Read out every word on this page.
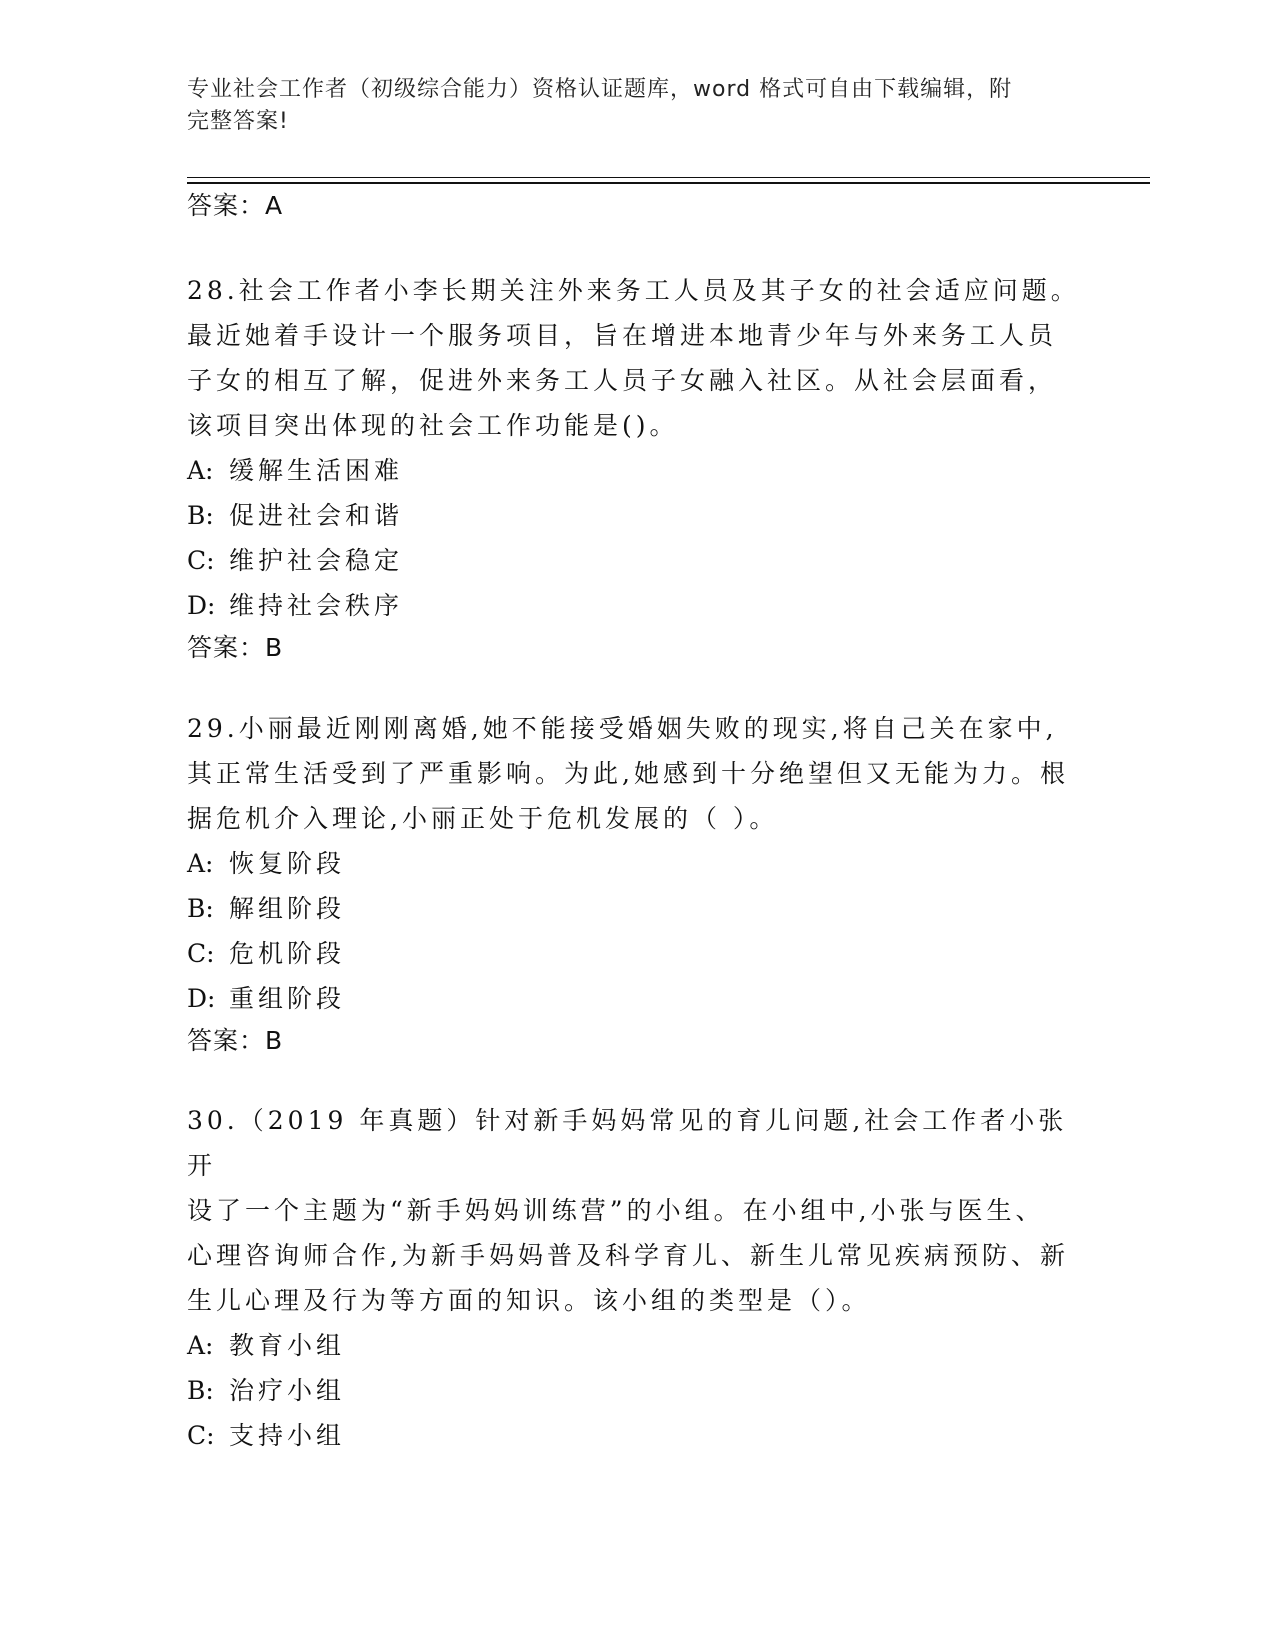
专业社会工作者（初级综合能力）资格认证题库，word 格式可自由下载编辑，附
完整答案!
答案：A

28.社会工作者小李长期关注外来务工人员及其子女的社会适应问题。
最近她着手设计一个服务项目，旨在增进本地青少年与外来务工人员
子女的相互了解，促进外来务工人员子女融入社区。从社会层面看，
该项目突出体现的社会工作功能是()。

A: 缓解生活困难
B: 促进社会和谐
C: 维护社会稳定
D: 维持社会秩序
答案：B

29.小丽最近刚刚离婚,她不能接受婚姻失败的现实,将自己关在家中,
其正常生活受到了严重影响。为此,她感到十分绝望但又无能为力。根
据危机介入理论,小丽正处于危机发展的（ ）。

A: 恢复阶段
B: 解组阶段
C: 危机阶段
D: 重组阶段
答案：B

30.（2019 年真题）针对新手妈妈常见的育儿问题,社会工作者小张开
设了一个主题为“新手妈妈训练营”的小组。在小组中,小张与医生、
心理咨询师合作,为新手妈妈普及科学育儿、新生儿常见疾病预防、新
生儿心理及行为等方面的知识。该小组的类型是（）。

A: 教育小组
B: 治疗小组
C: 支持小组
